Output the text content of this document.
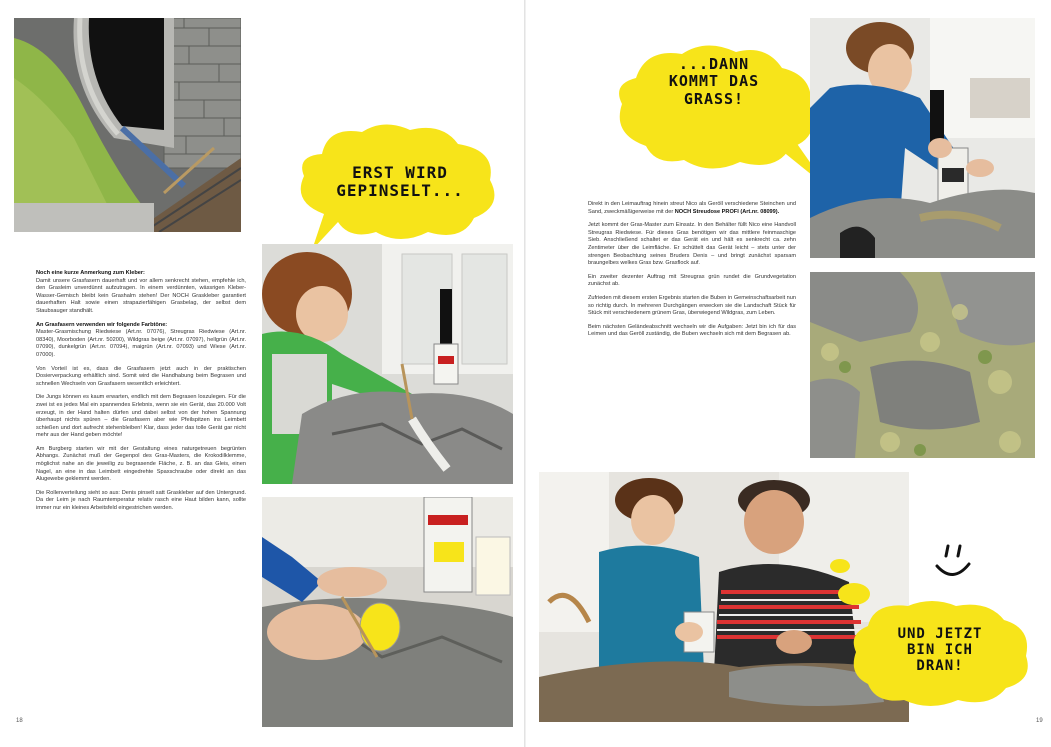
ERST WIRD
GEPINSELT...

Noch eine kurze Anmerkung zum Kleber:
Damit unsere Grasfasern dauerhaft und vor allem senkrecht stehen, empfehle ich, den Grasleim unverdünnt aufzutragen. In einem verdünnten, wässrigen Kleber-Wasser-Gemisch bleibt kein Grashalm stehen! Der NOCH Graskleber garantiert dauerhaften Halt sowie einen strapazierfähigen Grasbelag, der selbst dem Staubsauger standhält.

An Grasfasern verwenden wir folgende Farbtöne:
Master-Grasmischung Riedwiese (Art.nr. 07076), Streugras Riedwiese (Art.nr. 08340), Moorboden (Art.nr. 50200), Wildgras beige (Art.nr. 07097), hellgrün (Art.nr. 07090), dunkelgrün (Art.nr. 07094), maigrün (Art.nr. 07093) und Wiese (Art.nr. 07000).

Von Vorteil ist es, dass die Grasfasern jetzt auch in der praktischen Dosierverpackung erhältlich sind. Somit wird die Handhabung beim Begrasen und schnellen Wechseln von Grasfasern wesentlich erleichtert.

Die Jungs können es kaum erwarten, endlich mit dem Begrasen loszulegen. Für die zwei ist es jedes Mal ein spannendes Erlebnis, wenn sie ein Gerät, das 20.000 Volt erzeugt, in der Hand halten dürfen und dabei selbst von der hohen Spannung überhaupt nichts spüren – die Grasfasern aber wie Pfeilspitzen ins Leimbett schießen und dort aufrecht stehenbleiben! Klar, dass jeder das tolle Gerät gar nicht mehr aus der Hand geben möchte!

Am Burgberg starten wir mit der Gestaltung eines naturgetreuen begrünten Abhangs. Zunächst muß der Gegenpol des Gras-Masters, die Krokodilklemme, möglichst nahe an die jeweilig zu begrasende Fläche, z. B. an das Gleis, einen Nagel, an eine in das Leimbett eingedrehte Spaxschraube oder direkt an das Alugewebe geklemmt werden.

Die Rollenverteilung sieht so aus: Denis pinselt satt Graskleber auf den Untergrund. Da der Leim je nach Raumtemperatur relativ rasch eine Haut bilden kann, sollte immer nur ein kleines Arbeitsfeld eingestrichen werden.

18
...DANN
KOMMT DAS
GRASS!

Direkt in den Leimauftrag hinein streut Nico als Geröll verschiedene Steinchen und Sand, zweckmäßigerweise mit der NOCH Streudose PROFI (Art.nr. 08099).

Jetzt kommt der Gras-Master zum Einsatz. In den Behälter füllt Nico eine Handvoll Streugras Riedwiese. Für dieses Gras benötigen wir das mittlere feinmaschige Sieb. Anschließend schaltet er das Gerät ein und hält es senkrecht ca. zehn Zentimeter über die Leimfläche. Er schüttelt das Gerät leicht – stets unter der strengen Beobachtung seines Bruders Denis – und bringt zunächst sparsam braungelbes welkes Gras bzw. Grasflock auf.

Ein zweiter dezenter Auftrag mit Streugras grün rundet die Grundvegetation zunächst ab.

Zufrieden mit diesem ersten Ergebnis starten die Buben in Gemeinschaftsarbeit nun so richtig durch. In mehreren Durchgängen erwecken sie die Landschaft Stück für Stück mit verschiedenem grünem Gras, überwiegend Wildgras, zum Leben.

Beim nächsten Geländeabschnitt wechseln wir die Aufgaben: Jetzt bin ich für das Leimen und das Geröll zuständig, die Buben wechseln sich mit dem Begrasen ab.

UND JETZT
BIN ICH
DRAN!
19
